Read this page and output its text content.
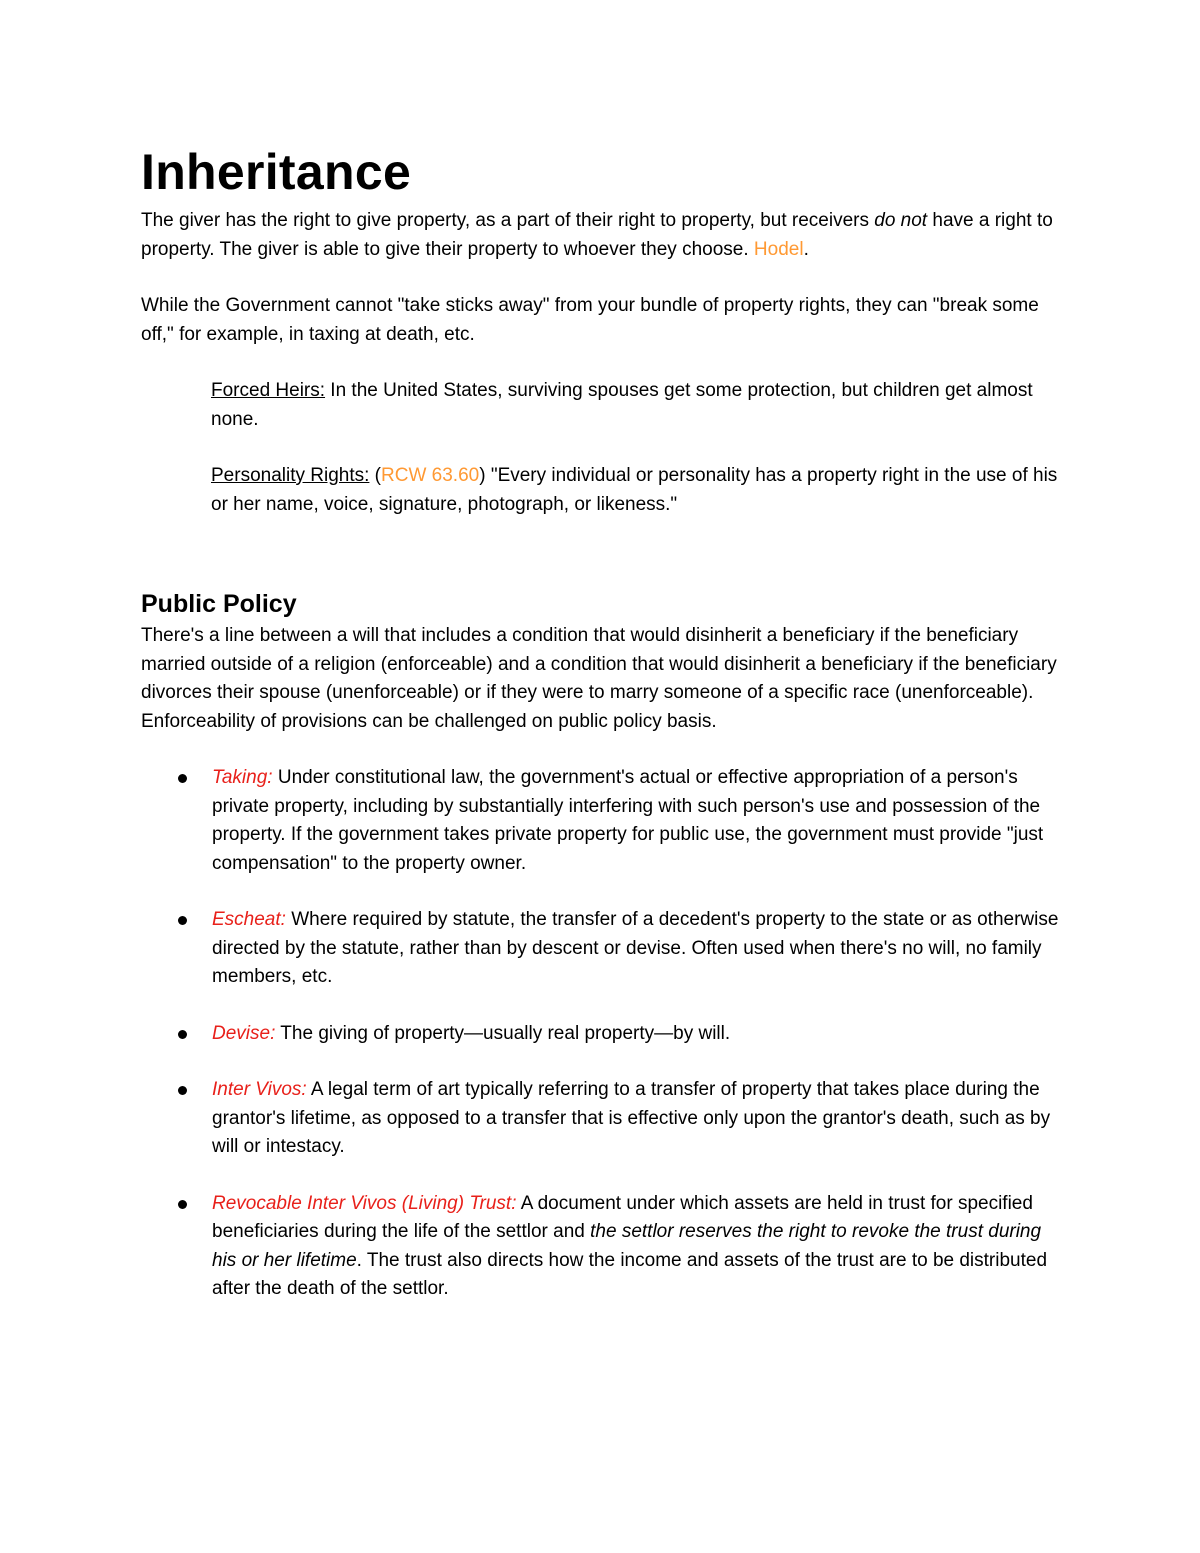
Inheritance

The giver has the right to give property, as a part of their right to property, but receivers do not have a right to property. The giver is able to give their property to whoever they choose. Hodel.

While the Government cannot "take sticks away" from your bundle of property rights, they can "break some off," for example, in taxing at death, etc.

Forced Heirs: In the United States, surviving spouses get some protection, but children get almost none.

Personality Rights: (RCW 63.60) "Every individual or personality has a property right in the use of his or her name, voice, signature, photograph, or likeness."

Public Policy

There's a line between a will that includes a condition that would disinherit a beneficiary if the beneficiary married outside of a religion (enforceable) and a condition that would disinherit a beneficiary if the beneficiary divorces their spouse (unenforceable) or if they were to marry someone of a specific race (unenforceable). Enforceability of provisions can be challenged on public policy basis.

Taking: Under constitutional law, the government's actual or effective appropriation of a person's private property, including by substantially interfering with such person's use and possession of the property. If the government takes private property for public use, the government must provide "just compensation" to the property owner.
Escheat: Where required by statute, the transfer of a decedent's property to the state or as otherwise directed by the statute, rather than by descent or devise. Often used when there's no will, no family members, etc.
Devise: The giving of property—usually real property—by will.
Inter Vivos: A legal term of art typically referring to a transfer of property that takes place during the grantor's lifetime, as opposed to a transfer that is effective only upon the grantor's death, such as by will or intestacy.
Revocable Inter Vivos (Living) Trust: A document under which assets are held in trust for specified beneficiaries during the life of the settlor and the settlor reserves the right to revoke the trust during his or her lifetime. The trust also directs how the income and assets of the trust are to be distributed after the death of the settlor.
